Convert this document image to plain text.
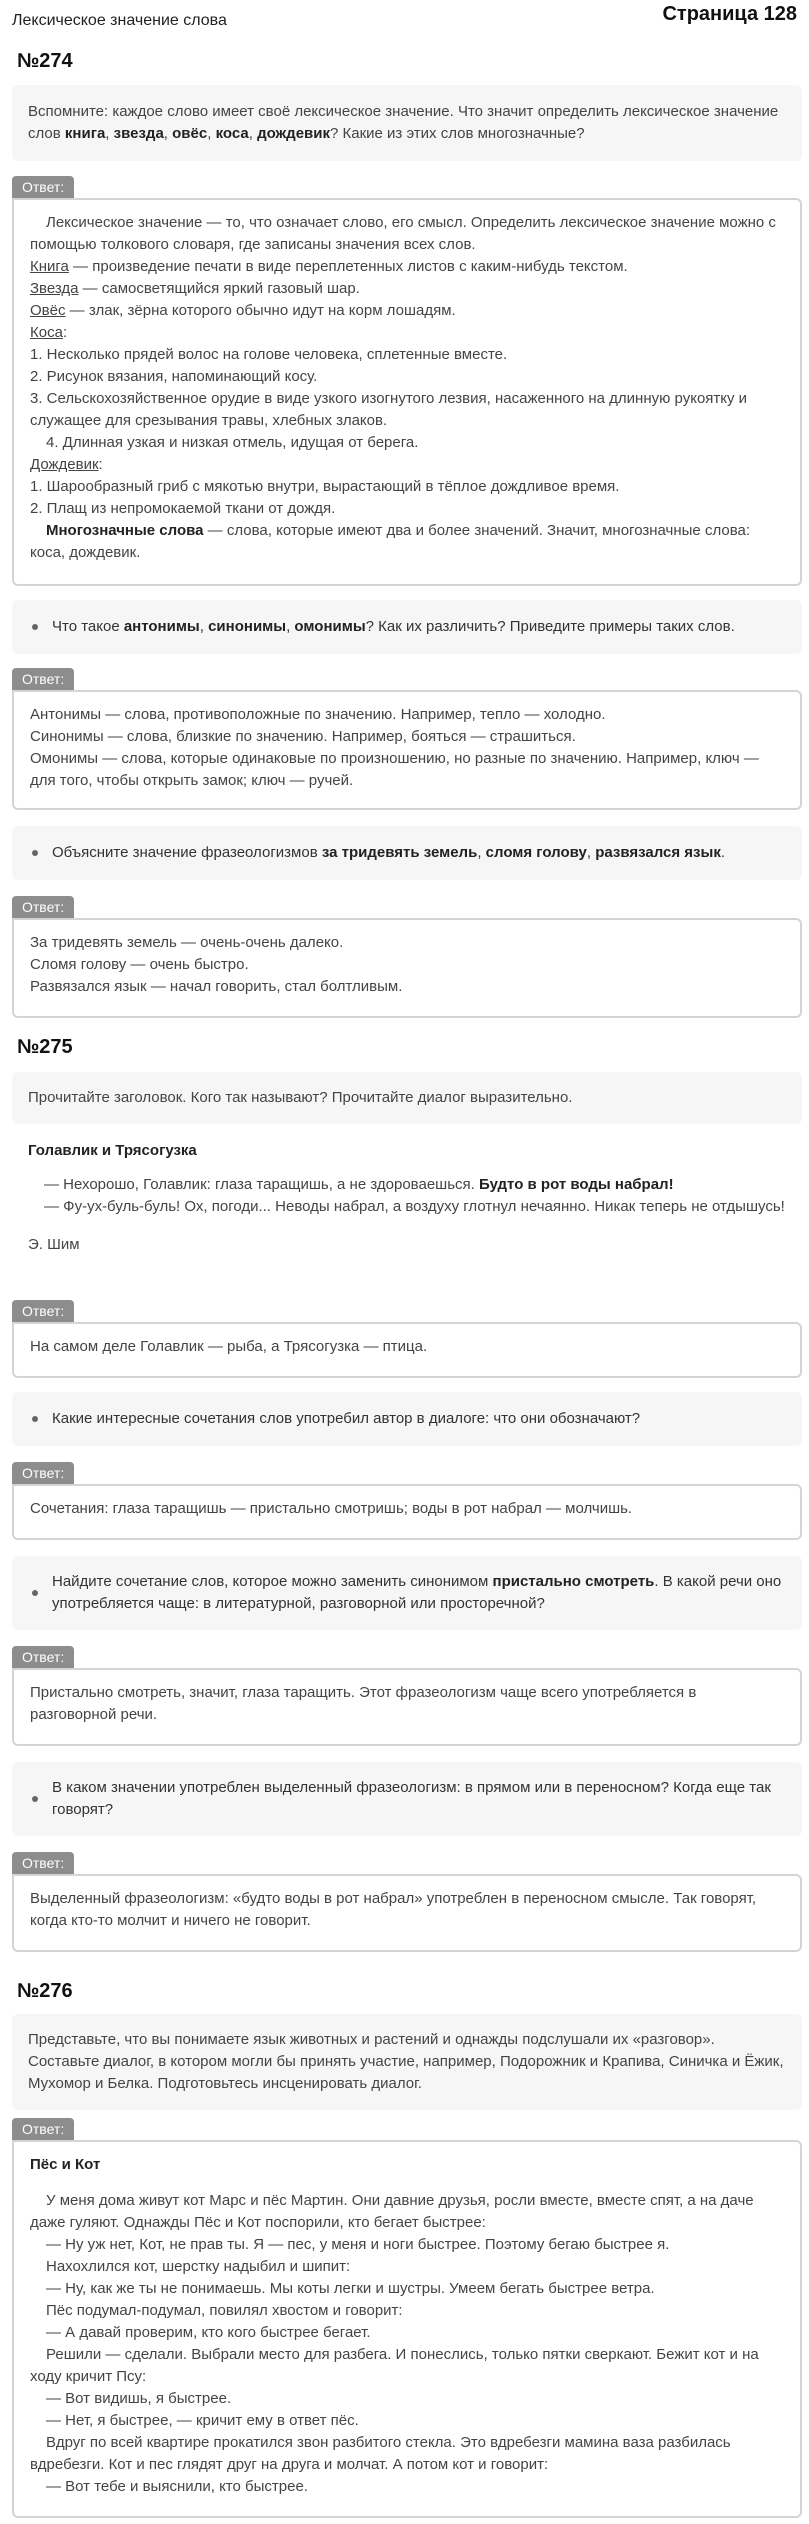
Лексическое значение слова	Страница 128
№274
Вспомните: каждое слово имеет своё лексическое значение. Что значит определить лексическое значение слов книга, звезда, овёс, коса, дождевик? Какие из этих слов многозначные?
Ответ:

Лексическое значение — то, что означает слово, его смысл. Определить лексическое значение можно с помощью толкового словаря, где записаны значения всех слов.

Книга — произведение печати в виде переплетенных листов с каким-нибудь текстом.

Звезда — самосветящийся яркий газовый шар.

Овёс — злак, зёрна которого обычно идут на корм лошадям.

Коса:

1. Несколько прядей волос на голове человека, сплетенные вместе.

2. Рисунок вязания, напоминающий косу.

3. Сельскохозяйственное орудие в виде узкого изогнутого лезвия, насаженного на длинную рукоятку и служащее для срезывания травы, хлебных злаков.

4. Длинная узкая и низкая отмель, идущая от берега.

Дождевик:

1. Шарообразный гриб с мякотью внутри, вырастающий в тёплое дождливое время.

2. Плащ из непромокаемой ткани от дождя.

Многозначные слова — слова, которые имеют два и более значений. Значит, многозначные слова: коса, дождевик.

Что такое антонимы, синонимы, омонимы? Как их различить? Приведите примеры таких слов.
Ответ:

Антонимы — слова, противоположные по значению. Например, тепло — холодно.

Синонимы — слова, близкие по значению. Например, бояться — страшиться.

Омонимы — слова, которые одинаковые по произношению, но разные по значению. Например, ключ — для того, чтобы открыть замок; ключ — ручей.

Объясните значение фразеологизмов за тридевять земель, сломя голову, развязался язык.
Ответ:

За тридевять земель — очень-очень далеко.

Сломя голову — очень быстро.

Развязался язык — начал говорить, стал болтливым.

№275
Прочитайте заголовок. Кого так называют? Прочитайте диалог выразительно.

Голавлик и Трясогузка

— Нехорошо, Голавлик: глаза таращишь, а не здороваешься. Будто в рот воды набрал!

— Фу-ух-буль-буль! Ох, погоди... Неводы набрал, а воздуху глотнул нечаянно. Никак теперь не отдышусь!

Э. Шим

Ответ:

На самом деле Голавлик — рыба, а Трясогузка — птица.

Какие интересные сочетания слов употребил автор в диалоге: что они обозначают?
Ответ:

Сочетания: глаза таращишь — пристально смотришь; воды в рот набрал — молчишь.

Найдите сочетание слов, которое можно заменить синонимом пристально смотреть. В какой речи оно употребляется чаще: в литературной, разговорной или просторечной?
Ответ:

Пристально смотреть, значит, глаза таращить. Этот фразеологизм чаще всего употребляется в разговорной речи.

В каком значении употреблен выделенный фразеологизм: в прямом или в переносном? Когда еще так говорят?
Ответ:

Выделенный фразеологизм: «будто воды в рот набрал» употреблен в переносном смысле. Так говорят, когда кто-то молчит и ничего не говорит.

№276
Представьте, что вы понимаете язык животных и растений и однажды подслушали их «разговор». Составьте диалог, в котором могли бы принять участие, например, Подорожник и Крапива, Синичка и Ёжик, Мухомор и Белка. Подготовьтесь инсценировать диалог.
Ответ:

Пёс и Кот

У меня дома живут кот Марс и пёс Мартин. Они давние друзья, росли вместе, вместе спят, а на даче даже гуляют. Однажды Пёс и Кот поспорили, кто бегает быстрее:

— Ну уж нет, Кот, не прав ты. Я — пес, у меня и ноги быстрее. Поэтому бегаю быстрее я.

Нахохлился кот, шерстку надыбил и шипит:

— Ну, как же ты не понимаешь. Мы коты легки и шустры. Умеем бегать быстрее ветра.

Пёс подумал-подумал, повилял хвостом и говорит:

— А давай проверим, кто кого быстрее бегает.

Решили — сделали. Выбрали место для разбега. И понеслись, только пятки сверкают. Бежит кот и на ходу кричит Псу:

— Вот видишь, я быстрее.

— Нет, я быстрее, — кричит ему в ответ пёс.

Вдруг по всей квартире прокатился звон разбитого стекла. Это вдребезги мамина ваза разбилась вдребезги. Кот и пес глядят друг на друга и молчат. А потом кот и говорит:

— Вот тебе и выяснили, кто быстрее.
